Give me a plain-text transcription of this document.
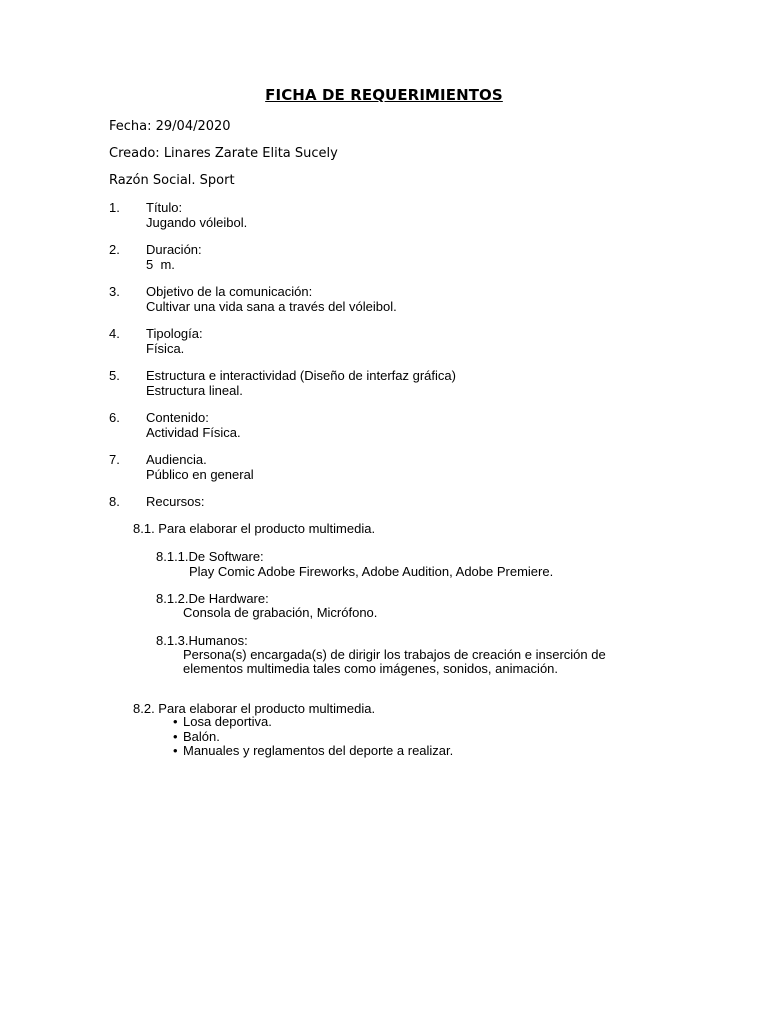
FICHA DE REQUERIMIENTOS
Fecha: 29/04/2020
Creado: Linares Zarate Elita Sucely
Razón Social. Sport
1. Título:
Jugando vóleibol.
2. Duración:
5  m.
3. Objetivo de la comunicación:
Cultivar una vida sana a través del vóleibol.
4. Tipología:
Física.
5. Estructura e interactividad (Diseño de interfaz gráfica)
Estructura lineal.
6. Contenido:
Actividad Física.
7. Audiencia.
Público en general
8. Recursos:
8.1. Para elaborar el producto multimedia.
8.1.1.De Software:
Play Comic Adobe Fireworks, Adobe Audition, Adobe Premiere.
8.1.2.De Hardware:
Consola de grabación, Micrófono.
8.1.3.Humanos:
Persona(s) encargada(s) de dirigir los trabajos de creación e inserción de
elementos multimedia tales como imágenes, sonidos, animación.
8.2. Para elaborar el producto multimedia.
• Losa deportiva.
• Balón.
• Manuales y reglamentos del deporte a realizar.
